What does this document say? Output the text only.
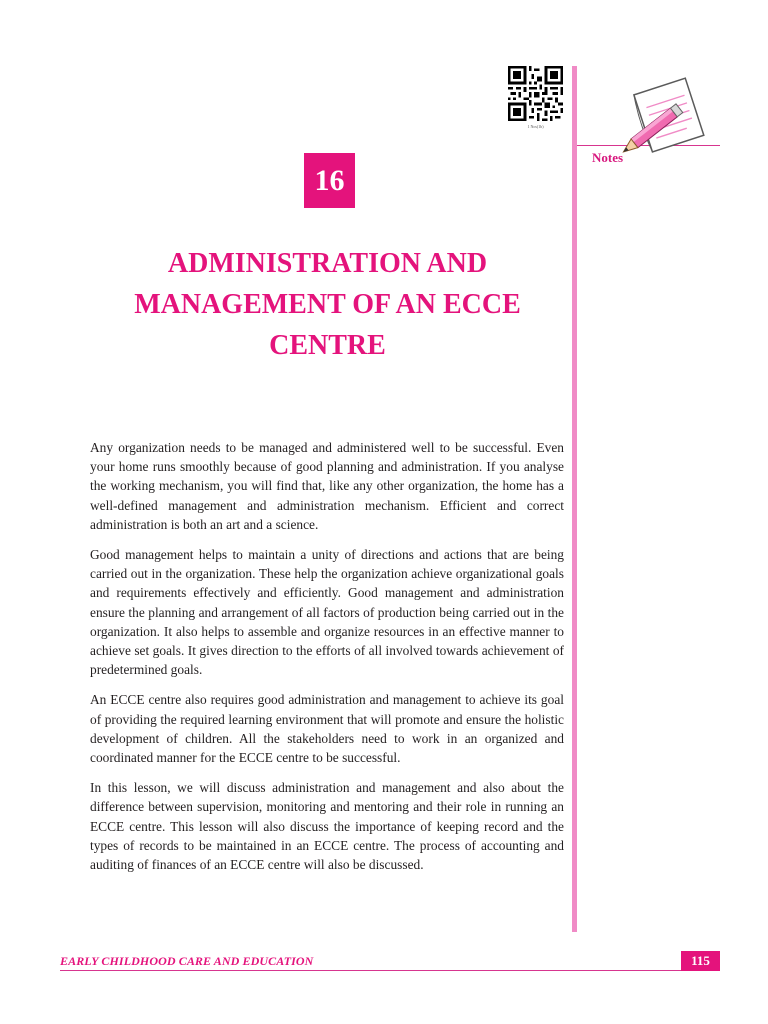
1 Nos(1b)
Notes
16
ADMINISTRATION AND
MANAGEMENT OF AN ECCE
CENTRE

Any organization needs to be managed and administered well to be successful. Even your home runs smoothly because of good planning and administration. If you analyse the working mechanism, you will find that, like any other organization, the home has a well-defined management and administration mechanism. Efficient and correct administration is both an art and a science.

Good management helps to maintain a unity of directions and actions that are being carried out in the organization. These help the organization achieve organizational goals and requirements effectively and efficiently. Good management and administration ensure the planning and arrangement of all factors of production being carried out in the organization. It also helps to assemble and organize resources in an effective manner to achieve set goals. It gives direction to the efforts of all involved towards achievement of predetermined goals.

An ECCE centre also requires good administration and management to achieve its goal of providing the required learning environment that will promote and ensure the holistic development of children. All the stakeholders need to work in an organized and coordinated manner for the ECCE centre to be successful.

In this lesson, we will discuss administration and management and also about the difference between supervision, monitoring and mentoring and their role in running an ECCE centre. This lesson will also discuss the importance of keeping record and the types of records to be maintained in an ECCE centre. The process of accounting and auditing of finances of an ECCE centre will also be discussed.

EARLY CHILDHOOD CARE AND EDUCATION	115
